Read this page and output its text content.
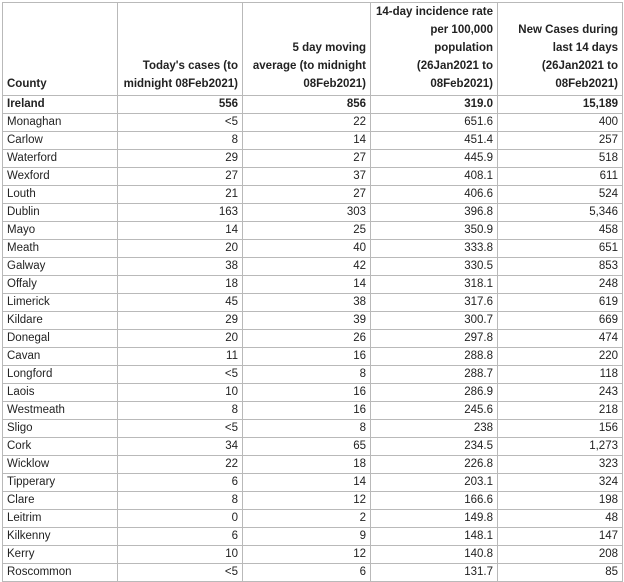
County	Today's cases (to midnight 08Feb2021)	5 day moving average (to midnight 08Feb2021)	14-day incidence rate per 100,000 population (26Jan2021 to 08Feb2021)	New Cases during last 14 days (26Jan2021 to 08Feb2021)
Ireland	556	856	319.0	15,189
Monaghan	<5	22	651.6	400
Carlow	8	14	451.4	257
Waterford	29	27	445.9	518
Wexford	27	37	408.1	611
Louth	21	27	406.6	524
Dublin	163	303	396.8	5,346
Mayo	14	25	350.9	458
Meath	20	40	333.8	651
Galway	38	42	330.5	853
Offaly	18	14	318.1	248
Limerick	45	38	317.6	619
Kildare	29	39	300.7	669
Donegal	20	26	297.8	474
Cavan	11	16	288.8	220
Longford	<5	8	288.7	118
Laois	10	16	286.9	243
Westmeath	8	16	245.6	218
Sligo	<5	8	238	156
Cork	34	65	234.5	1,273
Wicklow	22	18	226.8	323
Tipperary	6	14	203.1	324
Clare	8	12	166.6	198
Leitrim	0	2	149.8	48
Kilkenny	6	9	148.1	147
Kerry	10	12	140.8	208
Roscommon	<5	6	131.7	85
